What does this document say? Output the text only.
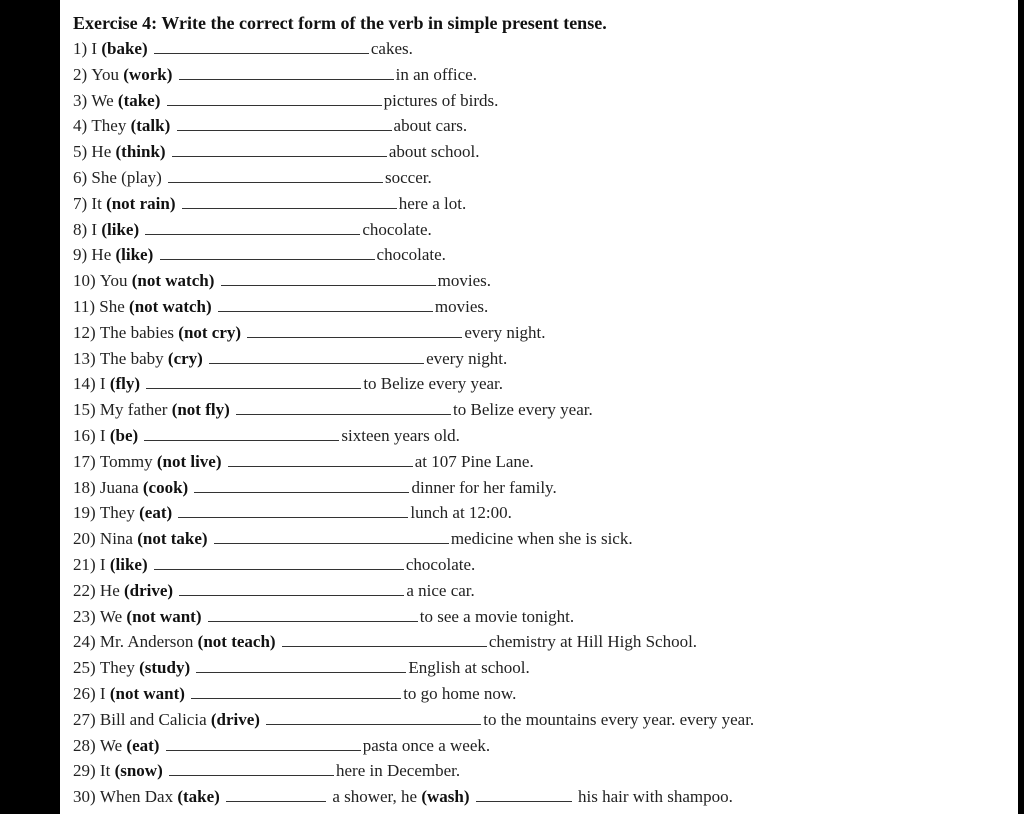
Exercise 4: Write the correct form of the verb in simple present tense.
1) I (bake)	cakes.
2) You (work)	in an office.
3) We (take)	pictures of birds.
4) They (talk)	about cars.
5) He (think)	about school.
6) She (play)	soccer.
7) It (not rain)	here a lot.
8) I (like)	chocolate.
9) He (like)	chocolate.
10) You (not watch)	movies.
11) She (not watch)	movies.
12) The babies (not cry)	every night.
13) The baby (cry)	every night.
14) I (fly)	to Belize every year.
15) My father (not fly)	to Belize every year.
16) I (be)	sixteen years old.
17) Tommy (not live)	at 107 Pine Lane.
18) Juana (cook)	dinner for her family.
19) They (eat)	lunch at 12:00.
20) Nina (not take)	medicine when she is sick.
21) I (like)	chocolate.
22) He (drive)	a nice car.
23) We (not want)	to see a movie tonight.
24) Mr. Anderson (not teach)	chemistry at Hill High School.
25) They (study)	English at school.
26) I (not want)	to go home now.
27) Bill and Calicia (drive)	to the mountains every year. every year.
28) We (eat)	pasta once a week.
29) It (snow)	here in December.
30) When Dax (take)	a shower, he (wash)	his hair with shampoo.
